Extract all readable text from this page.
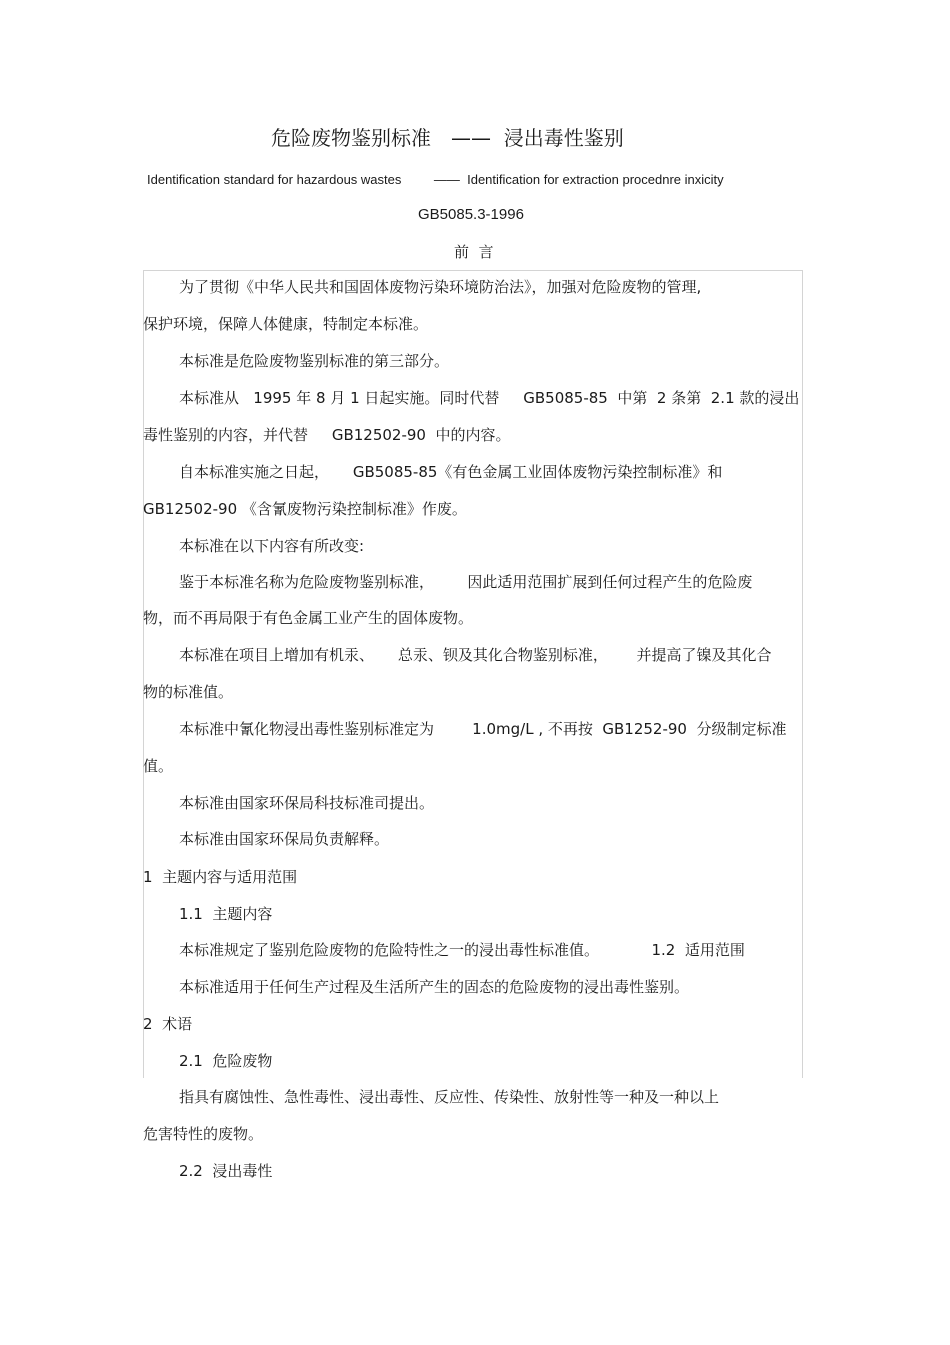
危险废物鉴别标准　——  浸出毒性鉴别
Identification standard for hazardous wastes         ——  Identification for extraction procednre inxicity
GB5085.3-1996
前  言
为了贯彻《中华人民共和国固体废物污染环境防治法》，加强对危险废物的管理,
保护环境，保障人体健康，特制定本标准。
本标准是危险废物鉴别标准的第三部分。
本标准从   1995 年 8 月 1 日起实施。同时代替     GB5085-85  中第  2 条第  2.1 款的浸出
毒性鉴别的内容，并代替     GB12502-90  中的内容。
自本标准实施之日起，     GB5085-85《有色金属工业固体废物污染控制标准》和
GB12502-90 《含氰废物污染控制标准》作废。
本标准在以下内容有所改变:
鉴于本标准名称为危险废物鉴别标准，       因此适用范围扩展到任何过程产生的危险废
物，而不再局限于有色金属工业产生的固体废物。
本标准在项目上增加有机汞、     总汞、钡及其化合物鉴别标准，      并提高了镍及其化合
物的标准值。
本标准中氰化物浸出毒性鉴别标准定为        1.0mg/L , 不再按  GB1252-90  分级制定标准
值。
本标准由国家环保局科技标准司提出。
本标准由国家环保局负责解释。
1  主题内容与适用范围
1.1  主题内容
本标准规定了鉴别危险废物的危险特性之一的浸出毒性标准值。           1.2  适用范围
本标准适用于任何生产过程及生活所产生的固态的危险废物的浸出毒性鉴别。
2  术语
2.1  危险废物
指具有腐蚀性、急性毒性、浸出毒性、反应性、传染性、放射性等一种及一种以上
危害特性的废物。
2.2  浸出毒性
